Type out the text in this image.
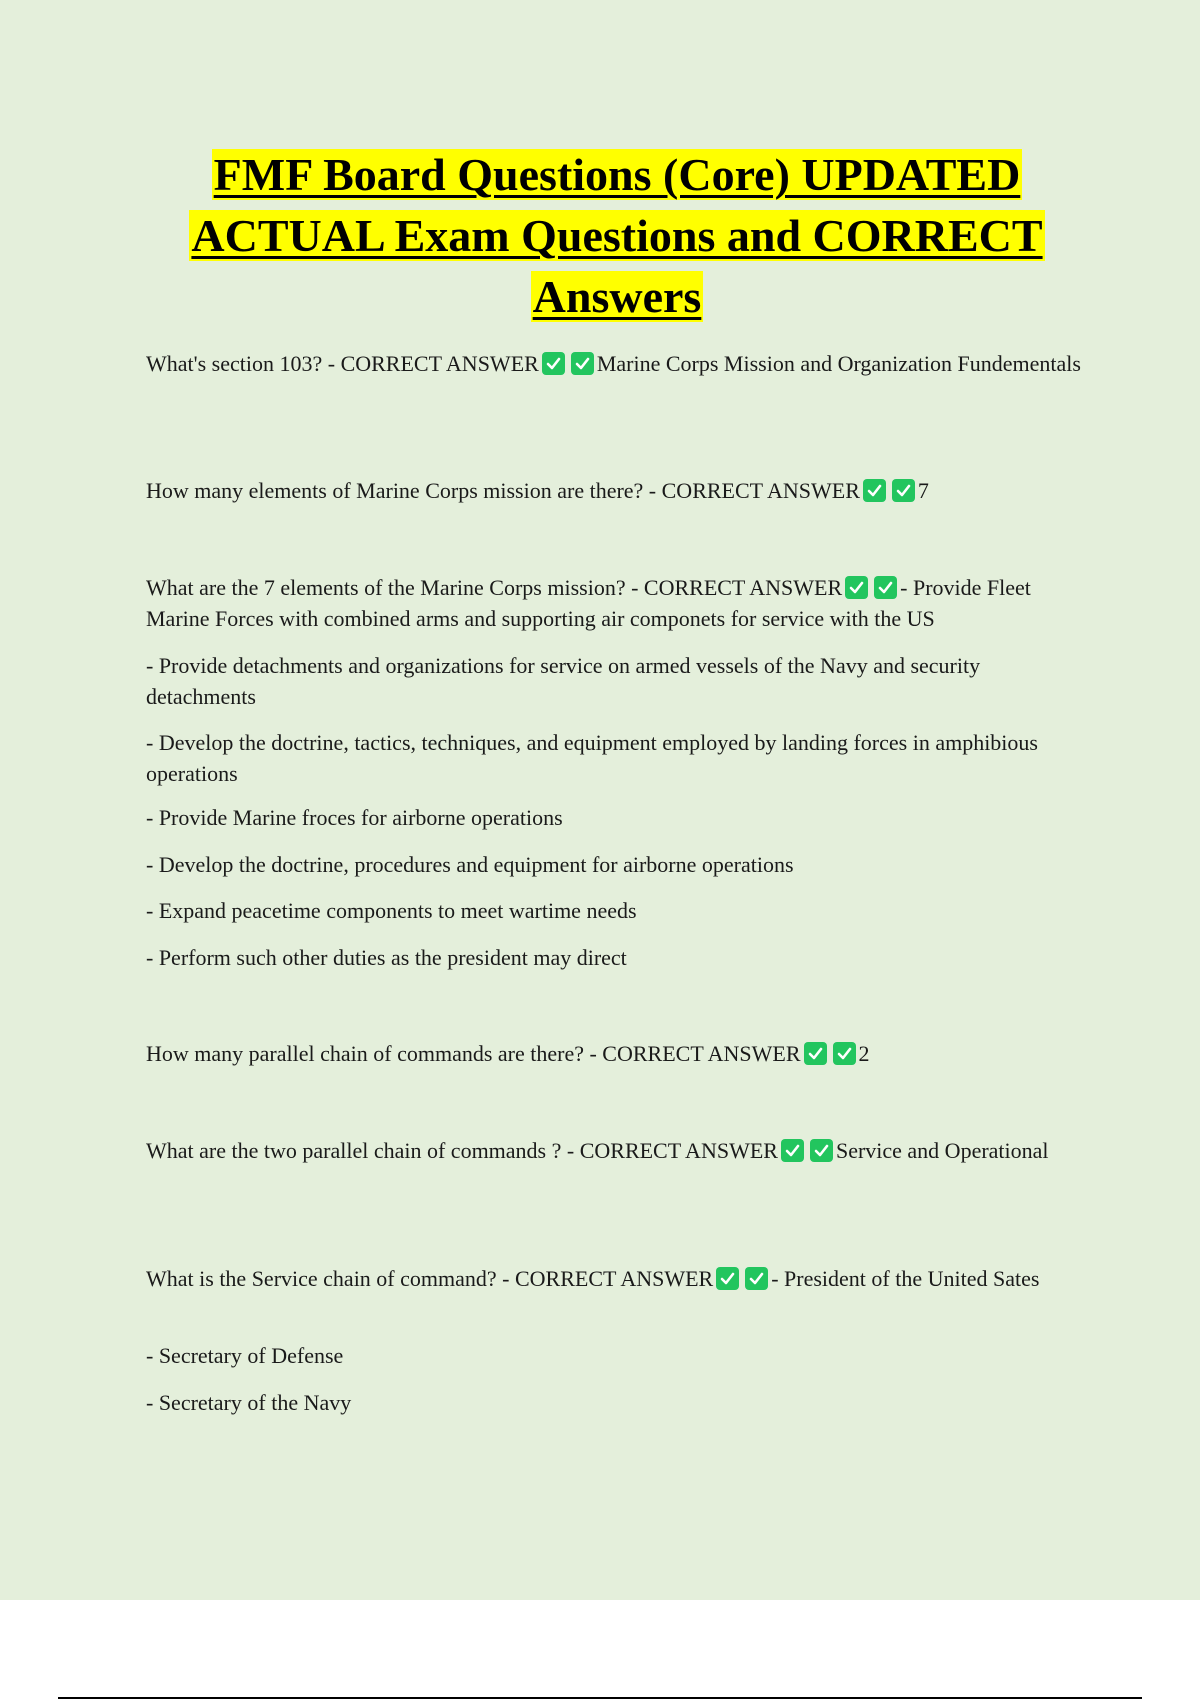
FMF Board Questions (Core) UPDATED ACTUAL Exam Questions and CORRECT Answers

What's section 103? - CORRECT ANSWER	Marine Corps Mission and Organization Fundementals

How many elements of Marine Corps mission are there? - CORRECT ANSWER	7

What are the 7 elements of the Marine Corps mission? - CORRECT ANSWER	- Provide Fleet Marine Forces with combined arms and supporting air componets for service with the US

- Provide detachments and organizations for service on armed vessels of the Navy and security detachments

- Develop the doctrine, tactics, techniques, and equipment employed by landing forces in amphibious operations

- Provide Marine froces for airborne operations

- Develop the doctrine, procedures and equipment for airborne operations

- Expand peacetime components to meet wartime needs

- Perform such other duties as the president may direct

How many parallel chain of commands are there? - CORRECT ANSWER	2

What are the two parallel chain of commands ? - CORRECT ANSWER	Service and Operational

What is the Service chain of command? - CORRECT ANSWER	- President of the United Sates

- Secretary of Defense

- Secretary of the Navy
